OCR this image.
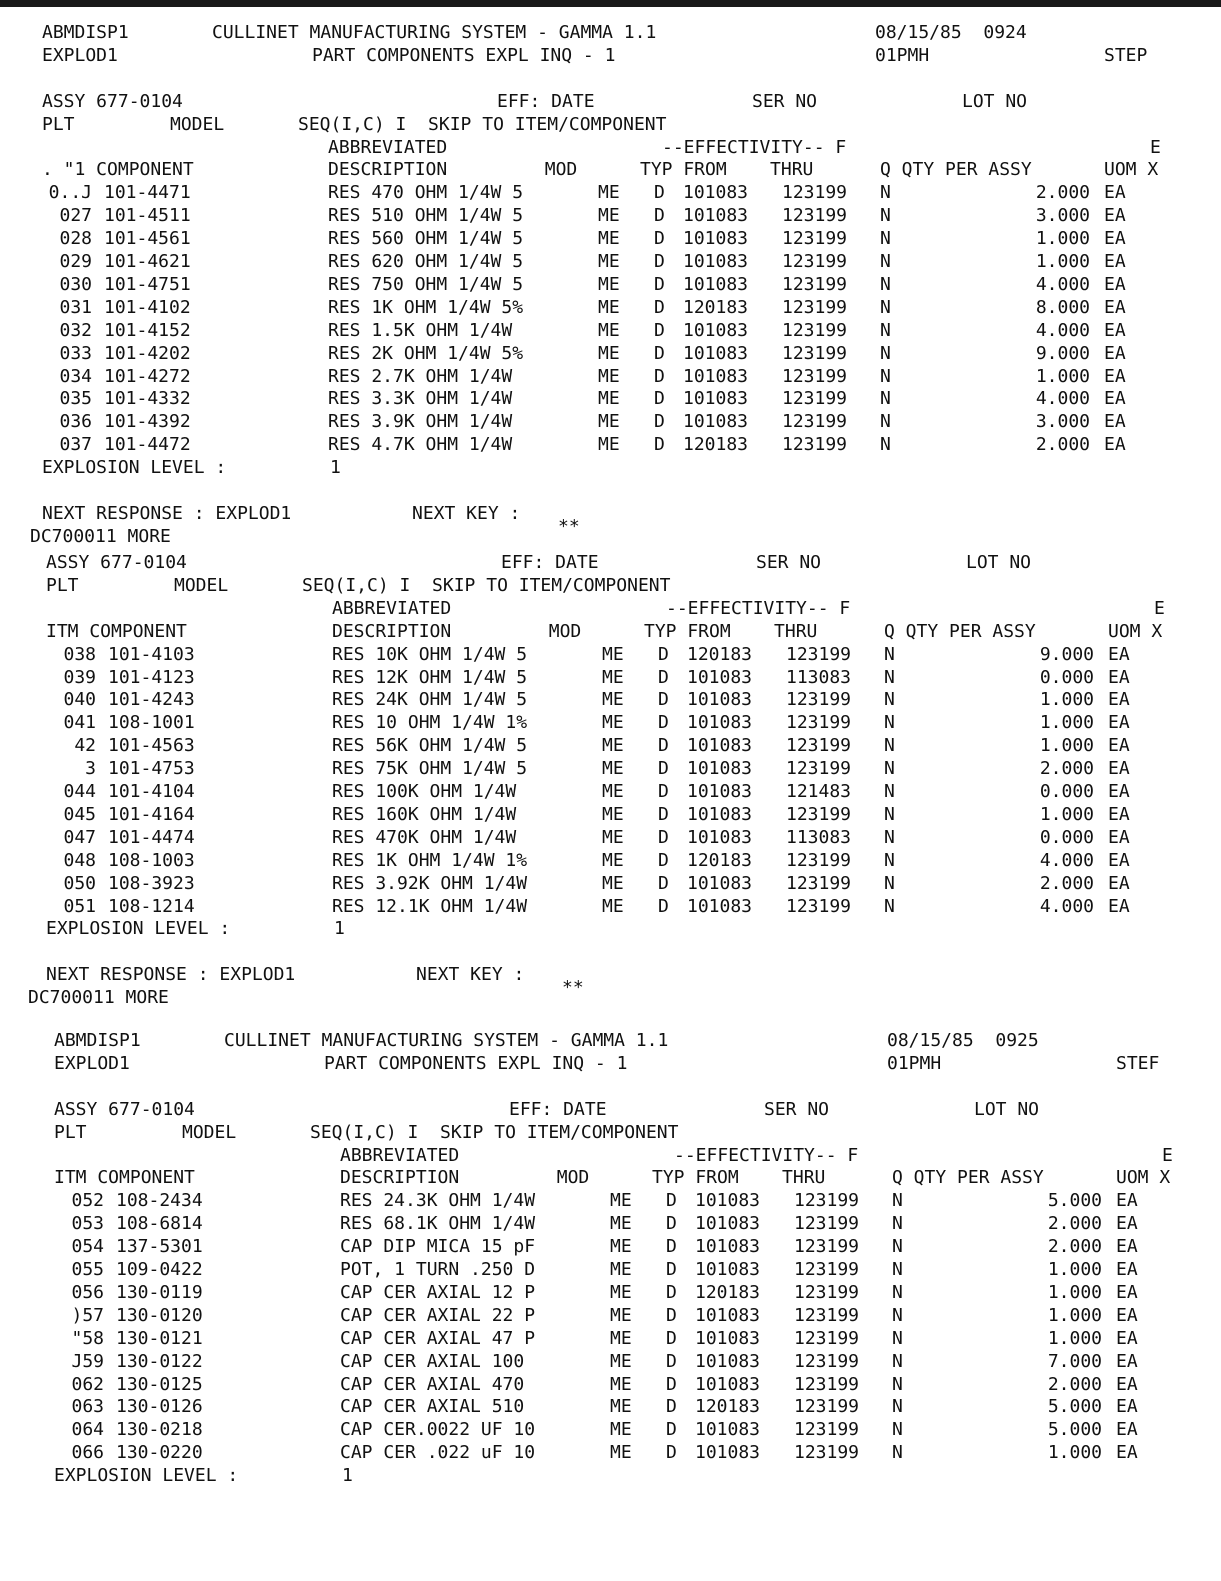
ABMDISP1	CULLINET MANUFACTURING SYSTEM - GAMMA 1.1	08/15/85  0924
EXPLOD1	PART COMPONENTS EXPL INQ - 1	01PMH	STEP
ASSY 677-0104	EFF: DATE	SER NO	LOT NO
PLT	MODEL	SEQ(I,C) I  SKIP TO ITEM/COMPONENT
ABBREVIATED	--EFFECTIVITY-- F	E
. "1 COMPONENT	DESCRIPTION         MOD	TYP FROM    THRU	Q QTY PER ASSY	UOM X
0..J 101-4471	RES 470 OHM 1/4W 5	ME D 101083 123199 N	2.000 EA
027 101-4511	RES 510 OHM 1/4W 5	ME D 101083 123199 N	3.000 EA
028 101-4561	RES 560 OHM 1/4W 5	ME D 101083 123199 N	1.000 EA
029 101-4621	RES 620 OHM 1/4W 5	ME D 101083 123199 N	1.000 EA
030 101-4751	RES 750 OHM 1/4W 5	ME D 101083 123199 N	4.000 EA
031 101-4102	RES 1K OHM 1/4W 5%	ME D 120183 123199 N	8.000 EA
032 101-4152	RES 1.5K OHM 1/4W	ME D 101083 123199 N	4.000 EA
033 101-4202	RES 2K OHM 1/4W 5%	ME D 101083 123199 N	9.000 EA
034 101-4272	RES 2.7K OHM 1/4W	ME D 101083 123199 N	1.000 EA
035 101-4332	RES 3.3K OHM 1/4W	ME D 101083 123199 N	4.000 EA
036 101-4392	RES 3.9K OHM 1/4W	ME D 101083 123199 N	3.000 EA
037 101-4472	RES 4.7K OHM 1/4W	ME D 120183 123199 N	2.000 EA
EXPLOSION LEVEL :	1
NEXT RESPONSE : EXPLOD1	NEXT KEY :
DC700011 MORE	**
ASSY 677-0104	EFF: DATE	SER NO	LOT NO
PLT	MODEL	SEQ(I,C) I  SKIP TO ITEM/COMPONENT
ABBREVIATED	--EFFECTIVITY-- F	E
ITM COMPONENT	DESCRIPTION         MOD	TYP FROM    THRU	Q QTY PER ASSY	UOM X
038 101-4103	RES 10K OHM 1/4W 5	ME D 120183 123199 N	9.000 EA
039 101-4123	RES 12K OHM 1/4W 5	ME D 101083 113083 N	0.000 EA
040 101-4243	RES 24K OHM 1/4W 5	ME D 101083 123199 N	1.000 EA
041 108-1001	RES 10 OHM 1/4W 1%	ME D 101083 123199 N	1.000 EA
42 101-4563	RES 56K OHM 1/4W 5	ME D 101083 123199 N	1.000 EA
3 101-4753	RES 75K OHM 1/4W 5	ME D 101083 123199 N	2.000 EA
044 101-4104	RES 100K OHM 1/4W	ME D 101083 121483 N	0.000 EA
045 101-4164	RES 160K OHM 1/4W	ME D 101083 123199 N	1.000 EA
047 101-4474	RES 470K OHM 1/4W	ME D 101083 113083 N	0.000 EA
048 108-1003	RES 1K OHM 1/4W 1%	ME D 120183 123199 N	4.000 EA
050 108-3923	RES 3.92K OHM 1/4W	ME D 101083 123199 N	2.000 EA
051 108-1214	RES 12.1K OHM 1/4W	ME D 101083 123199 N	4.000 EA
EXPLOSION LEVEL :	1
NEXT RESPONSE : EXPLOD1	NEXT KEY :
DC700011 MORE	**
ABMDISP1	CULLINET MANUFACTURING SYSTEM - GAMMA 1.1	08/15/85  0925
EXPLOD1	PART COMPONENTS EXPL INQ - 1	01PMH	STEF
ASSY 677-0104	EFF: DATE	SER NO	LOT NO
PLT	MODEL	SEQ(I,C) I  SKIP TO ITEM/COMPONENT
ABBREVIATED	--EFFECTIVITY-- F	E
ITM COMPONENT	DESCRIPTION         MOD	TYP FROM    THRU	Q QTY PER ASSY	UOM X
052 108-2434	RES 24.3K OHM 1/4W	ME D 101083 123199 N	5.000 EA
053 108-6814	RES 68.1K OHM 1/4W	ME D 101083 123199 N	2.000 EA
054 137-5301	CAP DIP MICA 15 pF	ME D 101083 123199 N	2.000 EA
055 109-0422	POT, 1 TURN .250 D	ME D 101083 123199 N	1.000 EA
056 130-0119	CAP CER AXIAL 12 P	ME D 120183 123199 N	1.000 EA
)57 130-0120	CAP CER AXIAL 22 P	ME D 101083 123199 N	1.000 EA
"58 130-0121	CAP CER AXIAL 47 P	ME D 101083 123199 N	1.000 EA
J59 130-0122	CAP CER AXIAL 100	ME D 101083 123199 N	7.000 EA
062 130-0125	CAP CER AXIAL 470	ME D 101083 123199 N	2.000 EA
063 130-0126	CAP CER AXIAL 510	ME D 120183 123199 N	5.000 EA
064 130-0218	CAP CER.0022 UF 10	ME D 101083 123199 N	5.000 EA
066 130-0220	CAP CER .022 uF 10	ME D 101083 123199 N	1.000 EA
EXPLOSION LEVEL :	1
